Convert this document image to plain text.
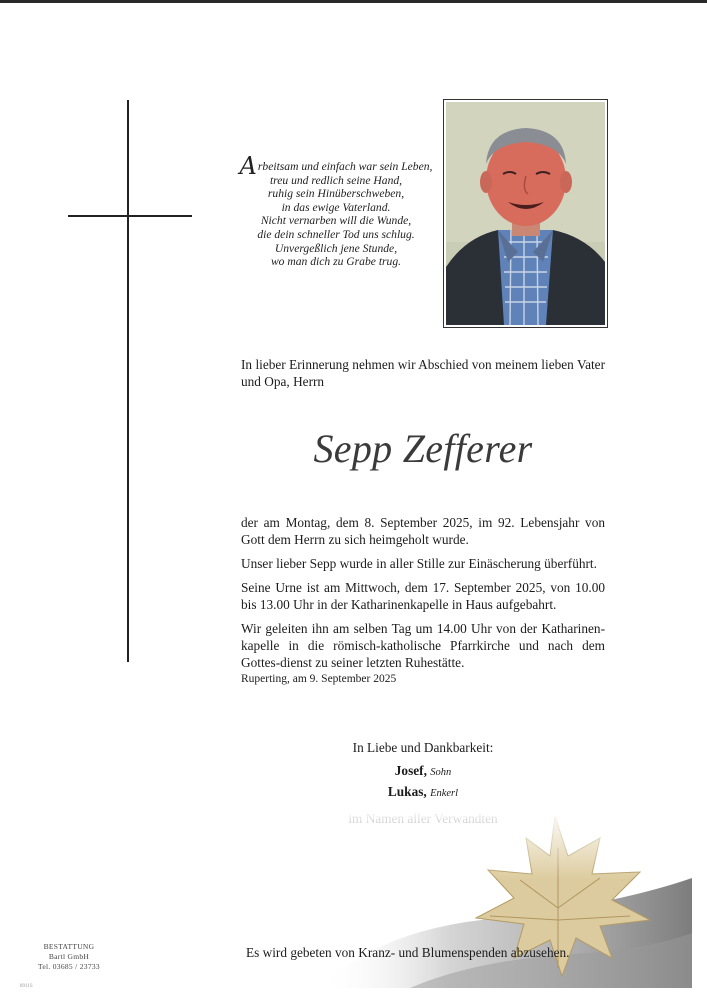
Arbeitsam und einfach war sein Leben,
treu und redlich seine Hand,
ruhig sein Hinüberschweben,
in das ewige Vaterland.
Nicht vernarben will die Wunde,
die dein schneller Tod uns schlug.
Unvergeßlich jene Stunde,
wo man dich zu Grabe trug.
In lieber Erinnerung nehmen wir Abschied von meinem lieben Vater und Opa, Herrn
Sepp Zefferer

der am Montag, dem 8. September 2025, im 92. Lebensjahr von Gott dem Herrn zu sich heimgeholt wurde.

Unser lieber Sepp wurde in aller Stille zur Einäscherung überführt.

Seine Urne ist am Mittwoch, dem 17. September 2025, von 10.00 bis 13.00 Uhr in der Katharinenkapelle in Haus aufgebahrt.

Wir geleiten ihn am selben Tag um 14.00 Uhr von der Katharinen-kapelle in die römisch-katholische Pfarrkirche und nach dem Gottes-dienst zu seiner letzten Ruhestätte.

Ruperting, am 9. September 2025
In Liebe und Dankbarkeit:
Josef, Sohn
Lukas, Enkerl
Es wird gebeten von Kranz- und Blumenspenden abzusehen.
BESTATTUNG
Bartl GmbH
Tel. 03685 / 23733
8911S
